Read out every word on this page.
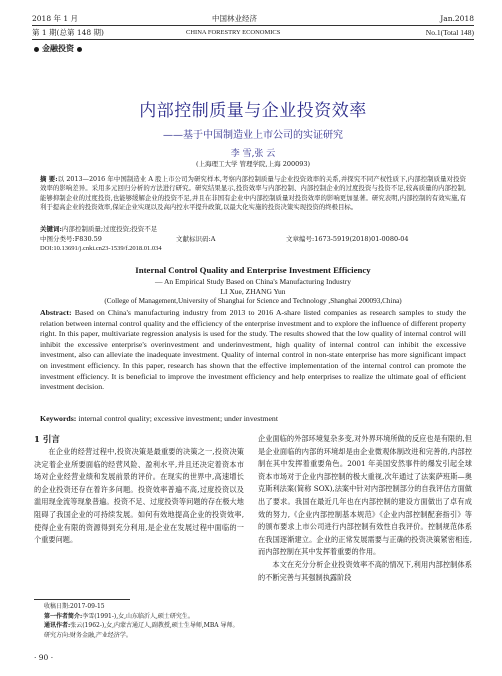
2018 年 1 月	中国林业经济	Jan.2018
第 1 期(总第 148 期)	CHINA FORESTRY ECONOMICS	No.1(Total 148)
金融投资
内部控制质量与企业投资效率
——基于中国制造业上市公司的实证研究
李 雪,张 云
(上海理工大学 管理学院,上海 200093)
摘 要:以 2013—2016 年中国制造业 A 股上市公司为研究样本,考察内部控制质量与企业投资效率的关系,并探究不同产权性质下,内部控制质量对投资效率的影响差异。采用多元回归分析的方法进行研究。研究结果显示,投资效率与内部控制、内部控制企业的过度投资与投资不足,较高质量的内部控制,能够抑制企业的过度投资,也能够缓解企业的投资不足,并且在非国有企业中内部控制质量对投资效率的影响更加显著。研究表明,内部控制的有效实施,有利于提高企业的投资效率,保证企业实现以及高内控水平提升政策,以最大化实施的投资决策实现投资的终极目标。
关键词:内部控制质量;过度投资;投资不足
中图分类号:F830.59	文献标识码:A	文章编号:1673-5919(2018)01-0080-04
DOI:10.13691/j.cnki.cn23-1539/f.2018.01.034
Internal Control Quality and Enterprise Investment Efficiency
— An Empirical Study Based on China's Manufacturing Industry
LI Xue, ZHANG Yun
(College of Management,University of Shanghai for Science and Technology ,Shanghai 200093,China)
Abstract: Based on China's manufacturing industry from 2013 to 2016 A-share listed companies as research samples to study the relation between internal control quality and the efficiency of the enterprise investment and to explore the influence of different property right. In this paper, multivariate regression analysis is used for the study. The results showed that the low quality of internal control will inhibit the excessive enterprise's overinvestment and underinvestment, high quality of internal control can inhibit the excessive investment, also can alleviate the inadequate investment. Quality of internal control in non-state enterprise has more significant impact on investment efficiency. In this paper, research has shown that the effective implementation of the internal control can promote the investment efficiency. It is beneficial to improve the investment efficiency and help enterprises to realize the ultimate goal of efficient investment decision.
Keywords: internal control quality; excessive investment; under investment
1 引言

在企业的经营过程中,投资决策是最重要的决策之一,投资决策决定着企业所要面临的经营风险、盈利水平,并且还决定着资本市场对企业经营业绩和发展前景的评价。在现实的世界中,高速增长的企业投资还存在着许多问题。投资效率普遍不高,过度投资以及滥用现金流等现象普遍。投资不足、过度投资等问题的存在极大地阻碍了我国企业的可持续发展。如何有效地提高企业的投资效率,使得企业有限的资源得到充分利用,是企业在发展过程中面临的一个重要问题。

收稿日期:2017-09-15
第一作者简介:李雪(1991-),女,山东临沂人,硕士研究生。
通讯作者:张云(1962-),女,内蒙古通辽人,副教授,硕士生导师,MBA 导师。研究方向:财务金融,产业经济学。
· 90 ·

企业面临的外部环境复杂多变,对外界环境所做的反应也是有限的,但是企业面临的内部的环境却是由企业微观体制改进和完善的,内部控制在其中发挥着重要角色。2001 年美国安然事件的爆发引起全球资本市场对于企业内部控制的极大重视,次年通过了法案萨班斯—奥克斯利法案(简称 SOX),法案中针对内部控制部分的自我评估方面做出了要求。我国在最近几年也在内部控制的建设方面做出了卓有成效的努力,《企业内部控制基本规范》《企业内部控制配套指引》等的颁布要求上市公司进行内部控制有效性自我评价。控制规范体系在我国逐渐建立。企业的正常发展需要与正确的投资决策紧密相连,而内部控制在其中发挥着重要的作用。

本文在充分分析企业投资效率不高的情况下,利用内部控制体系的不断完善与其强制执露阶段
